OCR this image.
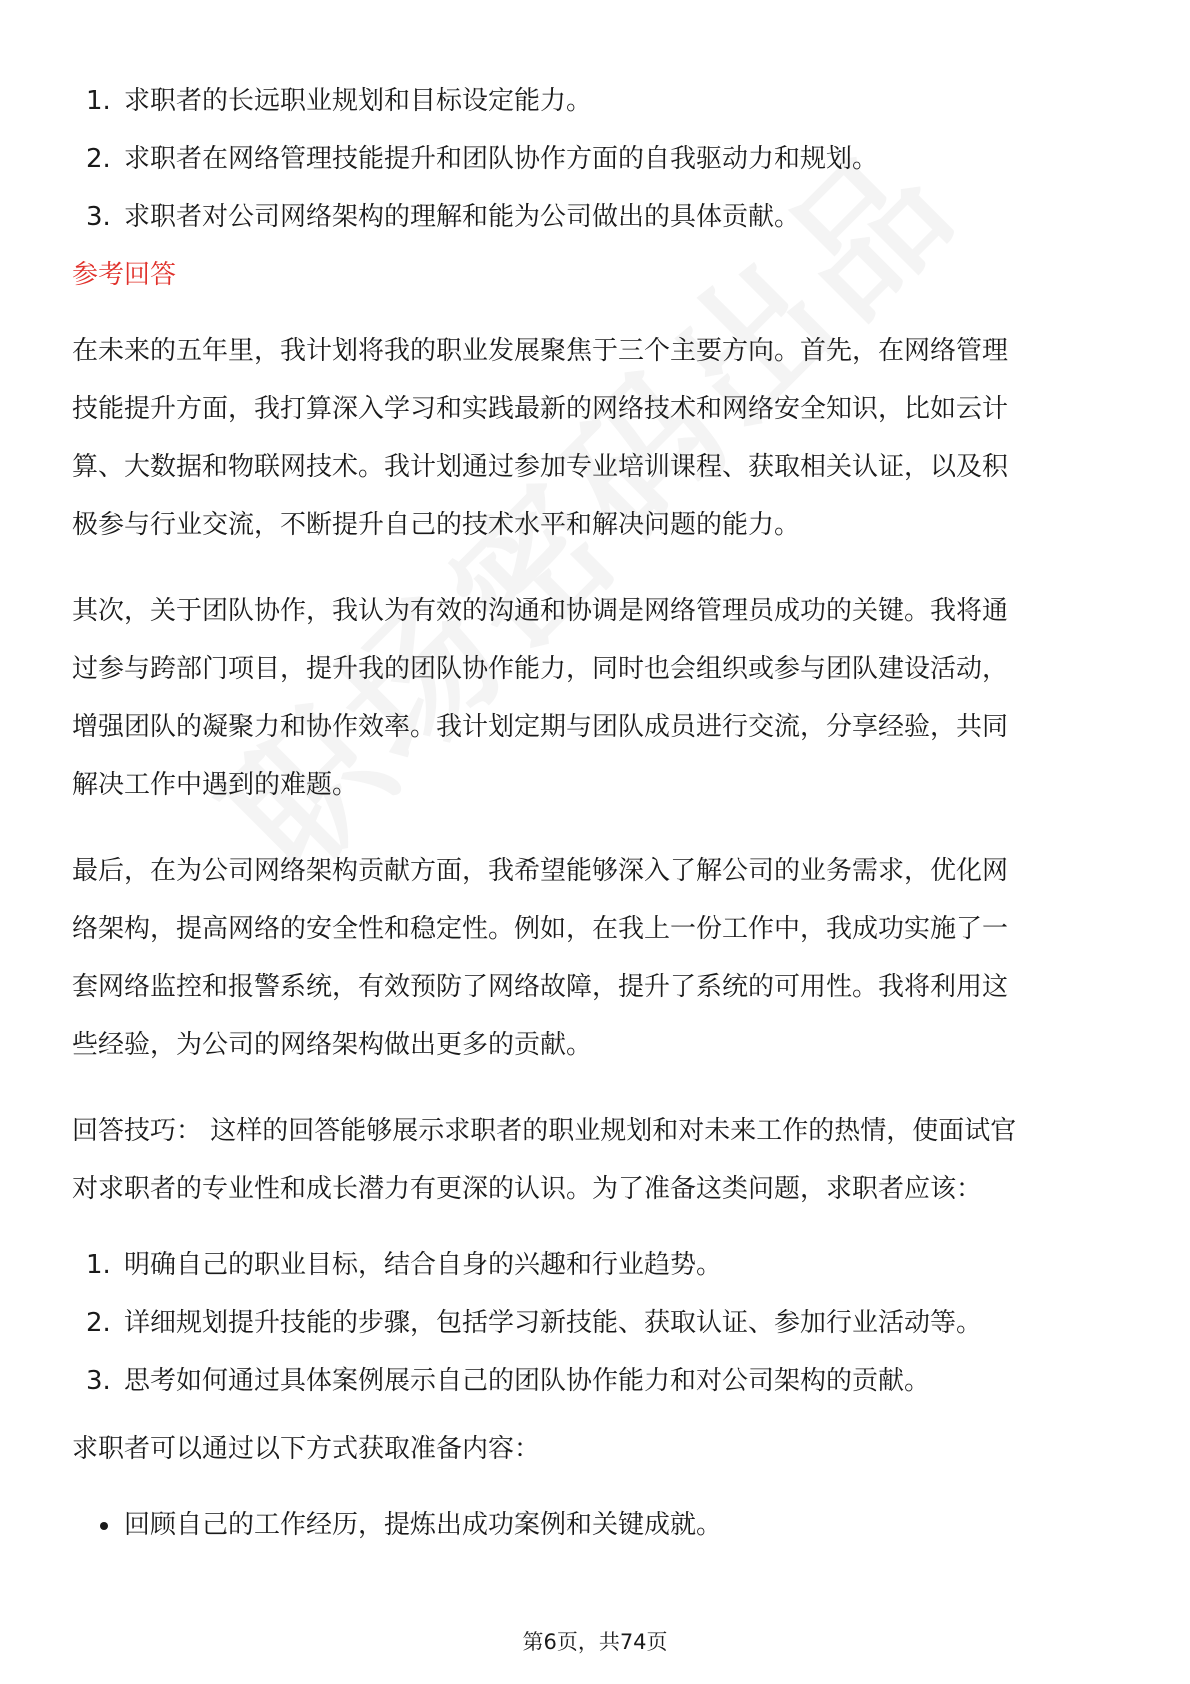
1. 求职者的长远职业规划和目标设定能力。
2. 求职者在网络管理技能提升和团队协作方面的自我驱动力和规划。
3. 求职者对公司网络架构的理解和能为公司做出的具体贡献。
参考回答

在未来的五年里，我计划将我的职业发展聚焦于三个主要方向。首先，在网络管理
技能提升方面，我打算深入学习和实践最新的网络技术和网络安全知识，比如云计
算、大数据和物联网技术。我计划通过参加专业培训课程、获取相关认证，以及积
极参与行业交流，不断提升自己的技术水平和解决问题的能力。

其次，关于团队协作，我认为有效的沟通和协调是网络管理员成功的关键。我将通
过参与跨部门项目，提升我的团队协作能力，同时也会组织或参与团队建设活动，
增强团队的凝聚力和协作效率。我计划定期与团队成员进行交流，分享经验，共同
解决工作中遇到的难题。

最后，在为公司网络架构贡献方面，我希望能够深入了解公司的业务需求，优化网
络架构，提高网络的安全性和稳定性。例如，在我上一份工作中，我成功实施了一
套网络监控和报警系统，有效预防了网络故障，提升了系统的可用性。我将利用这
些经验，为公司的网络架构做出更多的贡献。

回答技巧： 这样的回答能够展示求职者的职业规划和对未来工作的热情，使面试官
对求职者的专业性和成长潜力有更深的认识。为了准备这类问题，求职者应该：

1. 明确自己的职业目标，结合自身的兴趣和行业趋势。
2. 详细规划提升技能的步骤，包括学习新技能、获取认证、参加行业活动等。
3. 思考如何通过具体案例展示自己的团队协作能力和对公司架构的贡献。

求职者可以通过以下方式获取准备内容：

回顾自己的工作经历，提炼出成功案例和关键成就。
第6页，共74页
